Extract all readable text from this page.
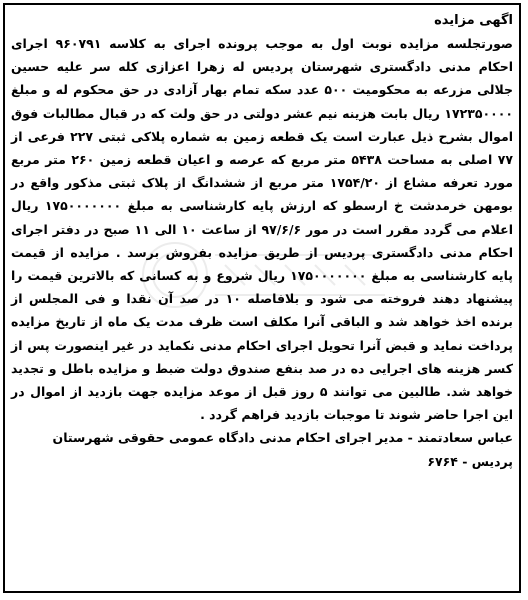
اگهی مزایده

صورتجلسه مزایده نوبت اول به موجب پرونده اجرای به کلاسه ۹۶۰۷۹۱ اجرای احکام مدنی دادگستری شهرستان پردیس له زهرا اعزازی کله سر علیه حسین جلالی مزرعه به محکومیت ۵۰۰ عدد سکه تمام بهار آزادی در حق محکوم له و مبلغ ۱۷۲۳۵۰۰۰۰ ریال بابت هزینه نیم عشر دولتی در حق ولت که در قبال مطالبات فوق اموال بشرح ذیل عبارت است یک قطعه زمین به شماره پلاکی ثبتی ۲۲۷ فرعی از ۷۷ اصلی به مساحت ۵۴۳۸ متر مربع که عرصه و اعیان قطعه زمین ۲۶۰ متر مربع مورد تعرفه مشاع از ۱۷۵۴/۲۰ متر مربع از ششدانگ از پلاک ثبتی مذکور واقع در بومهن خرمدشت خ ارسطو که ارزش پایه کارشناسی به مبلغ ۱۷۵۰۰۰۰۰۰۰ ریال اعلام می گردد مقرر است در مور ۹۷/۶/۶ از ساعت ۱۰ الی ۱۱ صبح در دفتر اجرای احکام مدنی دادگستری پردیس از طریق مزایده بفروش برسد . مزایده از قیمت پایه کارشناسی به مبلغ ۱۷۵۰۰۰۰۰۰۰ ریال شروع و به کسانی که بالاترین قیمت را پیشنهاد دهند فروخته می شود و بلافاصله ۱۰ در صد آن نقدا و فی المجلس از برنده اخذ خواهد شد و الباقی آنرا مکلف است ظرف مدت یک ماه از تاریخ مزایده پرداخت نماید و قبض آنرا تحویل اجرای احکام مدنی نکماید در غیر اینصورت پس از کسر هزینه های اجرایی ده در صد بنفع صندوق دولت ضبط و مزایده باطل و تجدید خواهد شد. طالبین می توانند ۵ روز قبل از موعد مزایده جهت بازدید از اموال در این اجرا حاضر شوند تا موجبات بازدید فراهم گردد .

عباس سعادتمند - مدیر اجرای احکام مدنی دادگاه عمومی حقوقی شهرستان پردیس - ۶۷۶۴
